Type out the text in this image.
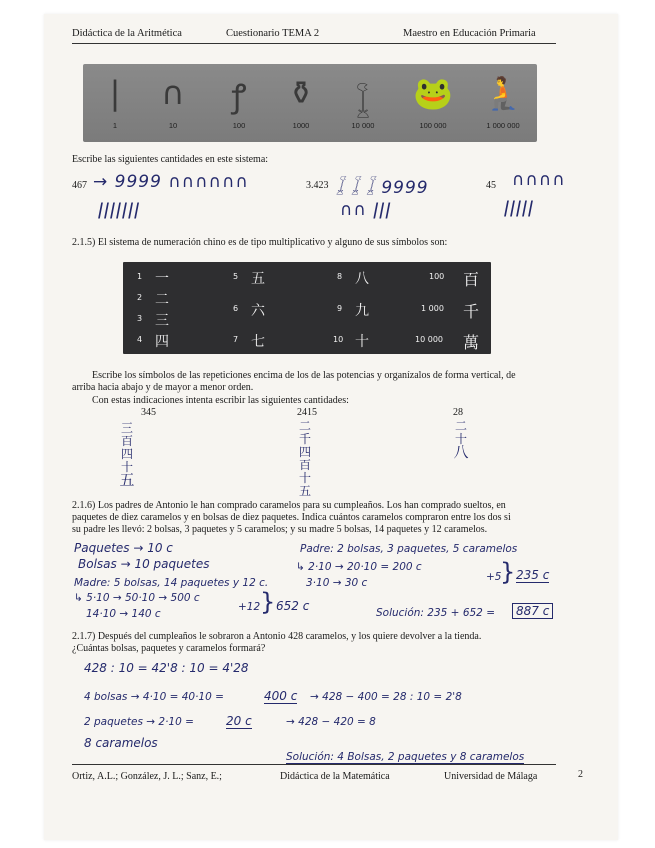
Didáctica de la Aritmética	Cuestionario TEMA 2	Maestro en Educación Primaria
|
1
∩
10
ꝭ
100
⚱
1000
𓆼
10 000
🐸
100 000
🧎
1 000 000
Escribe las siguientes cantidades en este sistema:
467 → 9999 ∩∩∩∩∩∩
ǀǀǀǀǀǀǀ
3.423 𓆼 𓆼 𓆼 9999
∩∩ ǀǀǀ
45 ∩∩∩∩
ǀǀǀǀǀ
2.1.5) El sistema de numeración chino es de tipo multiplicativo y alguno de sus símbolos son:
1 一
2 二
3 三
4 四
5 五
6 六
7 七
8 八
9 九
10 十
100 百
1 000 千
10 000 萬
Escribe los símbolos de las repeticiones encima de los de las potencias y organízalos de forma vertical, de
arriba hacia abajo y de mayor a menor orden.
Con estas indicaciones intenta escribir las siguientes cantidades:
345	2415	28
三
百
四
十
五
二
千
四
百
十
五
二
十
八
2.1.6) Los padres de Antonio le han comprado caramelos para su cumpleaños. Los han comprado sueltos, en
paquetes de diez caramelos y en bolsas de diez paquetes. Indica cuántos caramelos compraron entre los dos si
su padre les llevó: 2 bolsas, 3 paquetes y 5 caramelos; y su madre 5 bolsas, 14 paquetes y 12 caramelos.
Paquetes → 10 c
Bolsas → 10 paquetes
Madre: 5 bolsas, 14 paquetes y 12 c.
↳ 5·10 → 50·10 → 500 c
14·10 → 140 c	}
+12 652 c
Padre: 2 bolsas, 3 paquetes, 5 caramelos
↳ 2·10 → 20·10 = 200 c
3·10 → 30 c	+5
} 235 c
Solución: 235 + 652 =	887 c
2.1.7) Después del cumpleaños le sobraron a Antonio 428 caramelos, y los quiere devolver a la tienda.
¿Cuántas bolsas, paquetes y caramelos formará?
428 : 10 = 42'8 : 10 = 4'28
4 bolsas → 4·10 = 40·10 =	400 c → 428 − 400 = 28 : 10 = 2'8
2 paquetes → 2·10 =	20 c	→ 428 − 420 = 8
8 caramelos
Solución: 4 Bolsas, 2 paquetes y 8 caramelos
Ortiz, A.L.; González, J. L.; Sanz, E.;	Didáctica de la Matemática	Universidad de Málaga	2
